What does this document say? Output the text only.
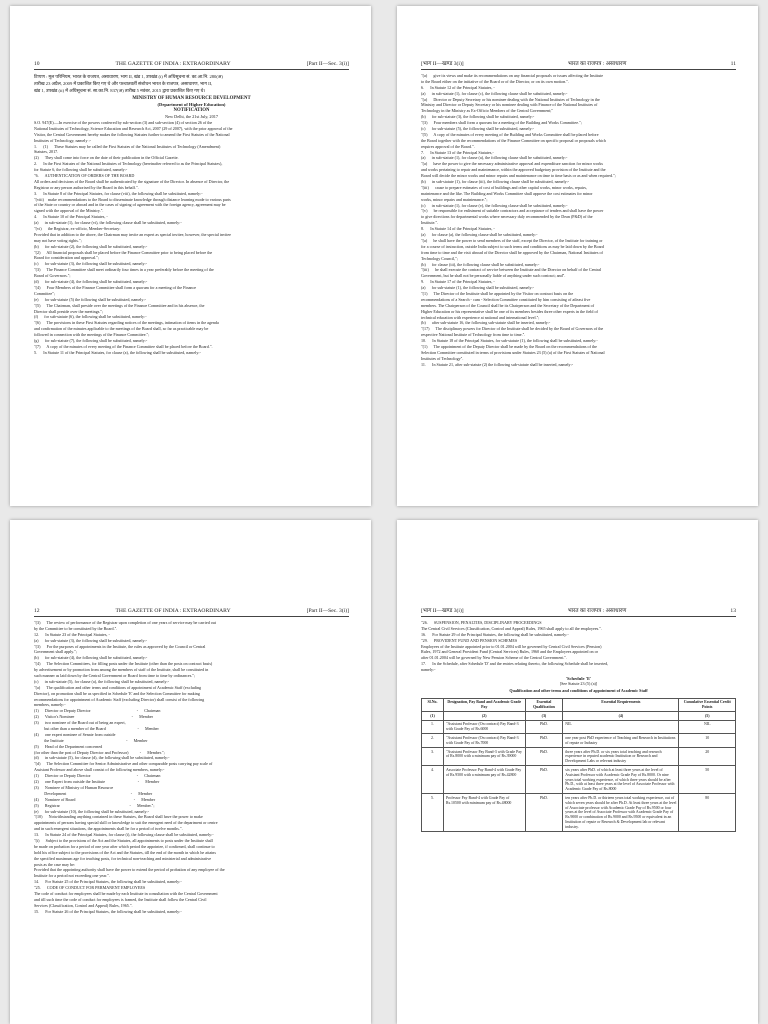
10	THE GAZETTE OF INDIA : EXTRAORDINARY	[Part II—Sec. 3(i)]
टिप्पण : मूल परिनियम, भारत के राजपत्र, असाधारण, भाग II, खंड 1, उपखंड (i) में अधिसूचना सं. का.आ.नि. 280(अ)
तारीख 23 अप्रैल, 2009 में प्रकाशित किए गए थे और पश्चातवर्ती संशोधन भारत के राजपत्र, असाधारण, भाग II,
खंड 1, उपखंड (ii) में अधिसूचना सं. सा.का.नि. 837(अ) तारीख 5 नवंबर, 2015 द्वारा प्रकाशित किए गए थे।
MINISTRY OF HUMAN RESOURCE DEVELOPMENT
(Department of Higher Education)
NOTIFICATION
New Delhi, the 21st July, 2017
S.O. 947(E).—In exercise of the powers conferred by sub-section (3) and sub-section (4) of section 26 of the
National Institutes of Technology, Science Education and Research Act, 2007 (29 of 2007), with the prior approval of the
Visitor, the Central Government hereby makes the following Statutes further to amend the First Statutes of the National
Institutes of Technology, namely :-
1.      (1)      These Statutes may be called the First Statutes of the National Institutes of Technology (Amendment)
Statutes, 2017.
(2)      They shall come into force on the date of their publication in the Official Gazette.
2.      In the First Statutes of the National Institutes of Technology (hereinafter referred to as the Principal Statutes),
for Statute 6, the following shall be substituted, namely:-
"6.      AUTHENTICATION OF ORDERS OF THE BOARD
All orders and decisions of the Board shall be authenticated by the signature of the Director. In absence of Director, the
Registrar or any person authorised by the Board in this behalf.".
3.      In Statute 8 of the Principal Statutes, for clause (viii), the following shall be substituted, namely:-
"(viii)    make recommendations to the Board to disseminate knowledge through distance learning mode to various parts
of the State or country or abroad and in the cases of signing of agreement with the foreign agency, agreement may be
signed with the approval of the Ministry.".
4.      In Statute 10 of the Principal Statutes, -
(a)      in sub-statute (1), for clause (vi), the following clause shall be substituted, namely:-
"(vi)      the Registrar, ex-officio, Member-Secretary:
Provided that in addition to the above, the Chairman may invite an expert as special invitee, however, the special invitee
may not have voting rights.";
(b)      for sub-statute (2), the following shall be substituted, namely:-
"(2)      All financial proposals shall be placed before the Finance Committee prior to being placed before the
Board for consideration and approval.";
(c)      for sub-statute (3), the following shall be substituted, namely:-
"(3)      The Finance Committee shall meet ordinarily four times in a year preferably before the meeting of the
Board of Governors.";
(d)      for sub-statute (4), the following shall be substituted, namely:-
"(4)      Four Members of the Finance Committee shall form a quorum for a meeting of the Finance
Committee";
(e)      for sub-statute (5) the following shall be substituted, namely:-
"(5)      The Chairman, shall preside over the meetings of the Finance Committee and in his absence, the
Director shall preside over the meetings.";
(f)      for sub-statute (6), the following shall be substituted, namely:-
"(6)      The provisions in these First Statutes regarding notices of the meetings, intimation of items in the agenda
and confirmation of the minutes applicable to the meetings of the Board shall, so far as practicable may be
followed in connection with the meetings of the Finance Committee.";
(g)      for sub-statute (7), the following shall be substituted, namely:-
"(7)      A copy of the minutes of every meeting of the Finance Committee shall be placed before the Board.".
5.      In Statute 11 of the Principal Statutes, for clause (a), the following shall be substituted, namely:-
[भाग II—खण्ड 3(i)]	भारत का राजपत्र : असाधारण	11
"(a)      give its views and make its recommendations on any financial proposals or issues affecting the Institute
to the Board either on the initiative of the Board or of the Director, or on its own motion.".
6.      In Statute 12 of the Principal Statutes, -
(a)      in sub-statute (1), for clause (c), the following clause shall be substituted, namely:-
"(a)      Director or Deputy Secretary or his nominee dealing with the National Institutes of Technology in the
Ministry and Director or Deputy Secretary or his nominee dealing with Finance of the National Institutes of
Technology in the Ministry as Ex-Officio Members of the Central Government;"
(b)      for sub-statute (3), the following shall be substituted, namely:-
"(3)      Four members shall form a quorum for a meeting of the Building and Works Committee.";
(c)      for sub-statute (5), the following shall be substituted, namely:-
"(5)      A copy of the minutes of every meeting of the Building and Works Committee shall be placed before
the Board together with the recommendations of the Finance Committee on specific proposal or proposals which
requires approval of the Board.".
7.      In Statute 13 of the Principal Statutes,-
(a)      in sub-statute (1), for clause (a), the following clause shall be substituted, namely:-
"(a)      have the power to give the necessary administrative approval and expenditure sanction for minor works
and works pertaining to repair and maintenance, within the approved budgetary provision of the Institute and the
Board will decide the minor works and minor repairs and maintenance on time to time basis or as and when required.";
(b)      in sub-statute (1), for clause (iii), the following clause shall be substituted, namely:-
"(iii)      cause to prepare estimates of cost of buildings and other capital works, minor works, repairs,
maintenance and the like. The Building and Works Committee shall approve the cost estimates for minor
works, minor repairs and maintenance.";
(c)      in sub-statute (1), for clause (v), the following clause shall be substituted, namely:-
"(v)      be responsible for enlistment of suitable contractors and acceptance of tenders and shall have the power
to give directions for departmental works where necessary duly recommended by the Dean (P&D) of the
Institute.".
8.      In Statute 14 of the Principal Statutes, -
(a)      for clause (a), the following clause shall be substituted, namely:-
"(a)      he shall have the power to send members of the staff, except the Director, of the Institute for training or
for a course of instruction, outside India subject to such terms and conditions as may be laid down by the Board
from time to time and the visit abroad of the Director shall be approved by the Chairman, National Institutes of
Technology Council,";
(b)      for clause (iii), the following clause shall be substituted, namely:-
"(iii)      he shall execute the contract of service between the Institute and the Director on behalf of the Central
Government, but he shall not be personally liable of anything under such contract; and".
9.      In Statute 17 of the Principal Statutes, -
(a)      for sub-statute (1), the following shall be substituted, namely:-
"(1)      The Director of the Institute shall be appointed by the Visitor on contract basis on the
recommendations of a Search - cum - Selection Committee constituted by him consisting of atleast five
members. The Chairperson of the Council shall be its Chairperson and the Secretary of the Department of
Higher Education or his representative shall be one of its members besides three other experts in the field of
technical education with experience at national and international level.";
(b)      after sub-statute 16, the following sub-statute shall be inserted, namely:-
"(17)      The disciplinary powers for Director of the Institute shall be decided by the Board of Governors of the
respective National Institute of Technology from time to time.".
10.      In Statute 18 of the Principal Statutes, for sub-statute (1), the following shall be substituted, namely:-
"(1)      The appointment of the Deputy Director shall be made by the Board on the recommendations of the
Selection Committee constituted in terms of provisions under Statutes 23 (5) (a) of the First Statutes of National
Institutes of Technology".
11.      In Statute 21, after sub-statute (2) the following sub-statute shall be inserted, namely:-
12	THE GAZETTE OF INDIA : EXTRAORDINARY	[Part II—Sec. 3(i)]
"(3)      The review of performance of the Registrar upon completion of one years of service may be carried out
by the Committee to be constituted by the Board.".
12.      In Statute 23 of the Principal Statutes, -
(a)      for sub-statute (3), the following shall be substituted, namely:-
"(3)      For the purposes of appointments in the Institute, the rules as approved by the Council or Central
Government shall apply.";
(b)      for sub-statute (4), the following shall be substituted, namely:-
"(4)      The Selection Committees, for filling posts under the Institute (other than the posts on contract basis)
by advertisement or by promotion from among the members of staff of the Institute, shall be constituted in
such manner as laid down by the Central Government or Board from time to time by ordinances.";
(c)      in sub-statute (5), for clause (a), the following shall be substituted, namely:-
"(a)      The qualification and other terms and conditions of appointment of Academic Staff (excluding
Director), on promotion shall be as specified in Schedule 'E' and the Selection Committee for making
recommendations for appointment of Academic Staff (excluding Director) shall consist of the following
members, namely:-
(1)      Director or Deputy Director                                             -      Chairman
(2)      Visitor's Nominee                                                        -      Member
(3)      two nominee of the Board out of being an expert,
but other than a member of the Board                               -      Member
(4)      one expert nominee of Senate from outside
the Institute                                                             -      Member
(5)      Head of the Department concerned
(for other than the post of Deputy Director and Professor)           -      Member.";
(d)      in sub-statute (5), for clause (d), the following shall be substituted, namely:-
"(d)      The Selection Committee for Senior Administrative and other comparable posts carrying pay scale of
Assistant Professor and above shall consist of the following members, namely:-
(1)      Director or Deputy Director                                             -      Chairman
(2)      one Expert from outside the Institute                                -      Member
(3)      Nominee of Ministry of Human Resource
Development                                                               -      Member
(4)      Nominee of Board                                                         -      Member
(5)      Registrar                                                                    -      Member.";
(e)      for sub-statute (10), the following shall be substituted, namely:-
"(10)      Notwithstanding anything contained in these Statutes, the Board shall have the power to make
appointments of persons having special skill or knowledge to suit the emergent need of the department or centre
and in such emergent situations, the appointments shall be for a period of twelve months.".
13.      In Statute 24 of the Principal Statutes, for clause (i), the following clause shall be substituted, namely:-
"(i)      Subject to the provisions of the Act and the Statutes, all appointments to posts under the Institute shall
be made on probation for a period of one year after which period the appointee, if confirmed, shall continue to
hold his office subject to the provisions of the Act and the Statutes, till the end of the month in which he attains
the specified maximum age for teaching posts, for technical non-teaching and ministerial and administrative
posts as the case may be:
Provided that the appointing authority shall have the power to extend the period of probation of any employee of the
Institute for a period not exceeding one year.".
14.      For Statute 25 of the Principal Statutes, the following shall be substituted, namely:-
"25.      CODE OF CONDUCT FOR PERMANENT EMPLOYEES
The code of conduct for employees shall be made by each Institute in consultation with the Central Government
and till such time the code of conduct for employees is framed, the Institute shall follow the Central Civil
Services (Classification, Control and Appeal) Rules, 1965.".
15.      For Statute 26 of the Principal Statutes, the following shall be substituted, namely:-
[भाग II—खण्ड 3(i)]	भारत का राजपत्र : असाधारण	13
"26.      SUSPENSION, PENALTIES, DISCIPLINARY PROCEEDINGS
The Central Civil Services (Classification, Control and Appeal) Rules, 1965 shall apply to all the employees.".
16.      For Statute 29 of the Principal Statutes, the following shall be substituted, namely:-
"29.      PROVIDENT FUND AND PENSION SCHEMES
Employees of the Institute appointed prior to 01.01.2004 will be governed by Central Civil Services (Pension)
Rules, 1972 and General Provident Fund (Central Services) Rules, 1960 and the Employees appointed on or
after 01.01.2004 will be governed by New Pension Scheme of the Central Government.".
17.      In the Schedule, after Schedule 'D' and the entries relating thereto, the following Schedule shall be inserted,
namely:-
'Schedule 'E'
[See Statute 23 (5) (a)]
Qualification and other terms and conditions of appointment of Academic Staff
Sl.No.	Designation, Pay Band and Academic Grade Pay	Essential Qualification	Essential Requirements	Cumulative Essential Credit Points
(1)	(2)	(3)	(4)	(5)
1.	"Assistant Professor (On contract) Pay Band-3 with Grade Pay of Rs.6000	PhD.	NIL	NIL
2.	"Assistant Professor (On contract) Pay Band-3 with Grade Pay of Rs.7000	PhD.	one year post PhD experience of Teaching and Research in Institutions of repute or Industry	10
3.	"Assistant Professor Pay Band-3 with Grade Pay of Rs.8000 with a minimum pay of Rs.39000	PhD.	three years after Ph.D. or six years total teaching and research experience in reputed academic Institution or Research and Development Labs or relevant industry	20
4.	Associate Professor Pay Band-4 with Grade Pay of Rs.9500 with a minimum pay of Rs.42800	PhD.	six years after PhD. of which at least three years at the level of Assistant Professor with Academic Grade Pay of Rs.8000. Or nine years total working experience, of which three years should be after Ph.D., with at least three years at the level of Associate Professor with Academic Grade Pay of Rs.8000	50
5.	Professor Pay Band-4 with Grade Pay of Rs.10500 with minimum pay of Rs.48000	PhD.	ten years after Ph.D. or thirteen years total working experience, out of which seven years should be after Ph.D. At least three years at the level of Associate professor with Academic Grade Pay of Rs.9500 or four years at the level of Associate Professor with Academic Grade Pay of Rs.9000 or combination of Rs.9000 and Rs.9500 or equivalent in an Institution of repute or Research & Development lab or relevant industry.	80
